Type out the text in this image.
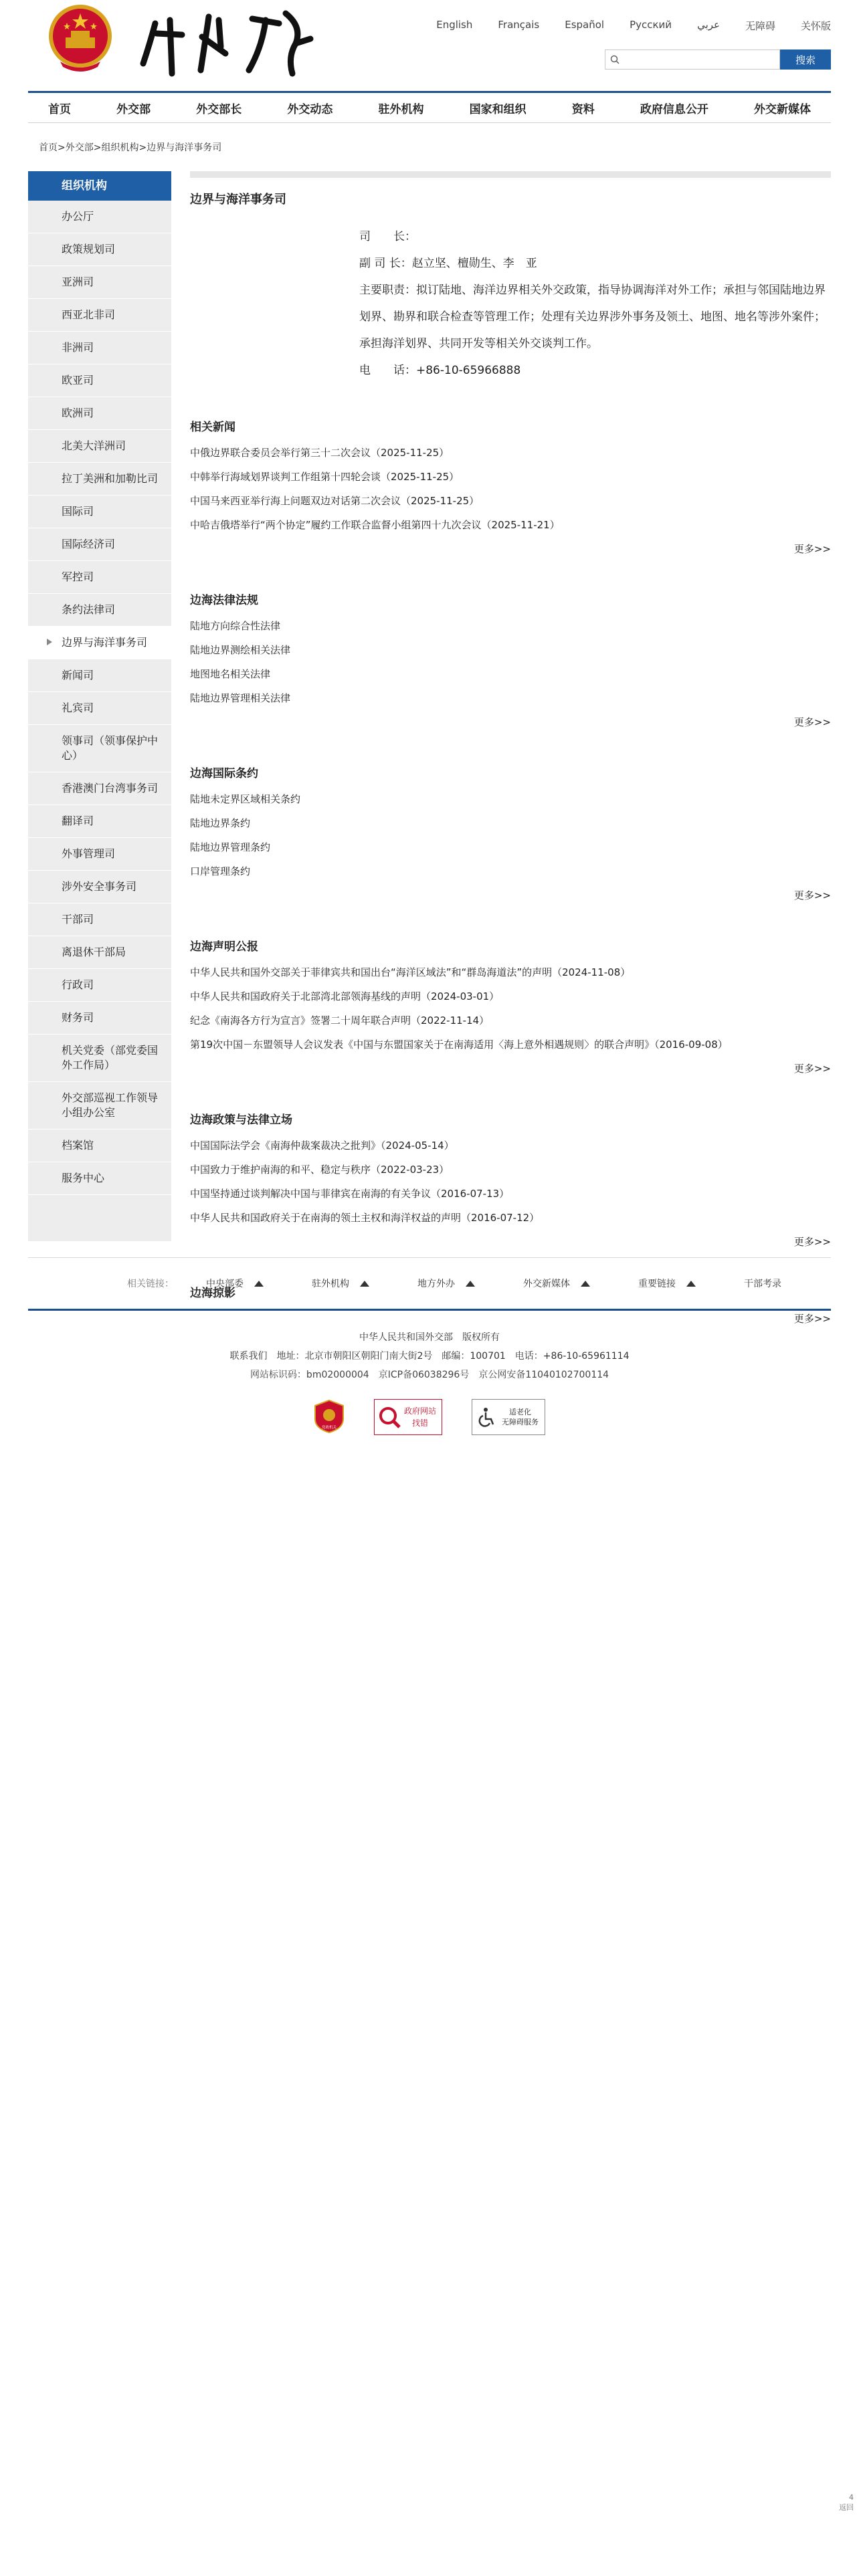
English	Français	Español	Русский	عربي	无障碍	关怀版
搜索
首页	外交部	外交部长	外交动态	驻外机构	国家和组织	资料	政府信息公开	外交新媒体
首页>外交部>组织机构>边界与海洋事务司
组织机构
办公厅
政策规划司
亚洲司
西亚北非司
非洲司
欧亚司
欧洲司
北美大洋洲司
拉丁美洲和加勒比司
国际司
国际经济司
军控司
条约法律司
边界与海洋事务司
新闻司
礼宾司
领事司（领事保护中心）
香港澳门台湾事务司
翻译司
外事管理司
涉外安全事务司
干部司
离退休干部局
行政司
财务司
机关党委（部党委国外工作局）
外交部巡视工作领导小组办公室
档案馆
服务中心
边界与海洋事务司
司　　长：
副 司 长：赵立坚、檀勋生、李　亚
主要职责：拟订陆地、海洋边界相关外交政策，指导协调海洋对外工作；承担与邻国陆地边界划界、勘界和联合检查等管理工作；处理有关边界涉外事务及领土、地图、地名等涉外案件；承担海洋划界、共同开发等相关外交谈判工作。
电　　话：+86-10-65966888
相关新闻
中俄边界联合委员会举行第三十二次会议（2025-11-25）
中韩举行海域划界谈判工作组第十四轮会谈（2025-11-25）
中国马来西亚举行海上问题双边对话第二次会议（2025-11-25）
中哈吉俄塔举行“两个协定”履约工作联合监督小组第四十九次会议（2025-11-21）
更多>>
边海法律法规
陆地方向综合性法律
陆地边界测绘相关法律
地图地名相关法律
陆地边界管理相关法律
更多>>
边海国际条约
陆地未定界区域相关条约
陆地边界条约
陆地边界管理条约
口岸管理条约
更多>>
边海声明公报
中华人民共和国外交部关于菲律宾共和国出台“海洋区域法”和“群岛海道法”的声明（2024-11-08）
中华人民共和国政府关于北部湾北部领海基线的声明（2024-03-01）
纪念《南海各方行为宣言》签署二十周年联合声明（2022-11-14）
第19次中国－东盟领导人会议发表《中国与东盟国家关于在南海适用〈海上意外相遇规则〉的联合声明》（2016-09-08）
更多>>
边海政策与法律立场
中国国际法学会《南海仲裁案裁决之批判》（2024-05-14）
中国致力于维护南海的和平、稳定与秩序（2022-03-23）
中国坚持通过谈判解决中国与菲律宾在南海的有关争议（2016-07-13）
中华人民共和国政府关于在南海的领土主权和海洋权益的声明（2016-07-12）
更多>>
边海掠影
更多>>
相关链接：	中央部委	驻外机构	地方外办	外交新媒体	重要链接	干部考录
中华人民共和国外交部　版权所有
联系我们　地址：北京市朝阳区朝阳门南大街2号　邮编：100701　电话：+86-10-65961114
网站标识码：bm02000004　 京ICP备06038296号　京公网安备11040102700114
党政机关
政府网站
找错
适老化
无障碍服务
4
返回
